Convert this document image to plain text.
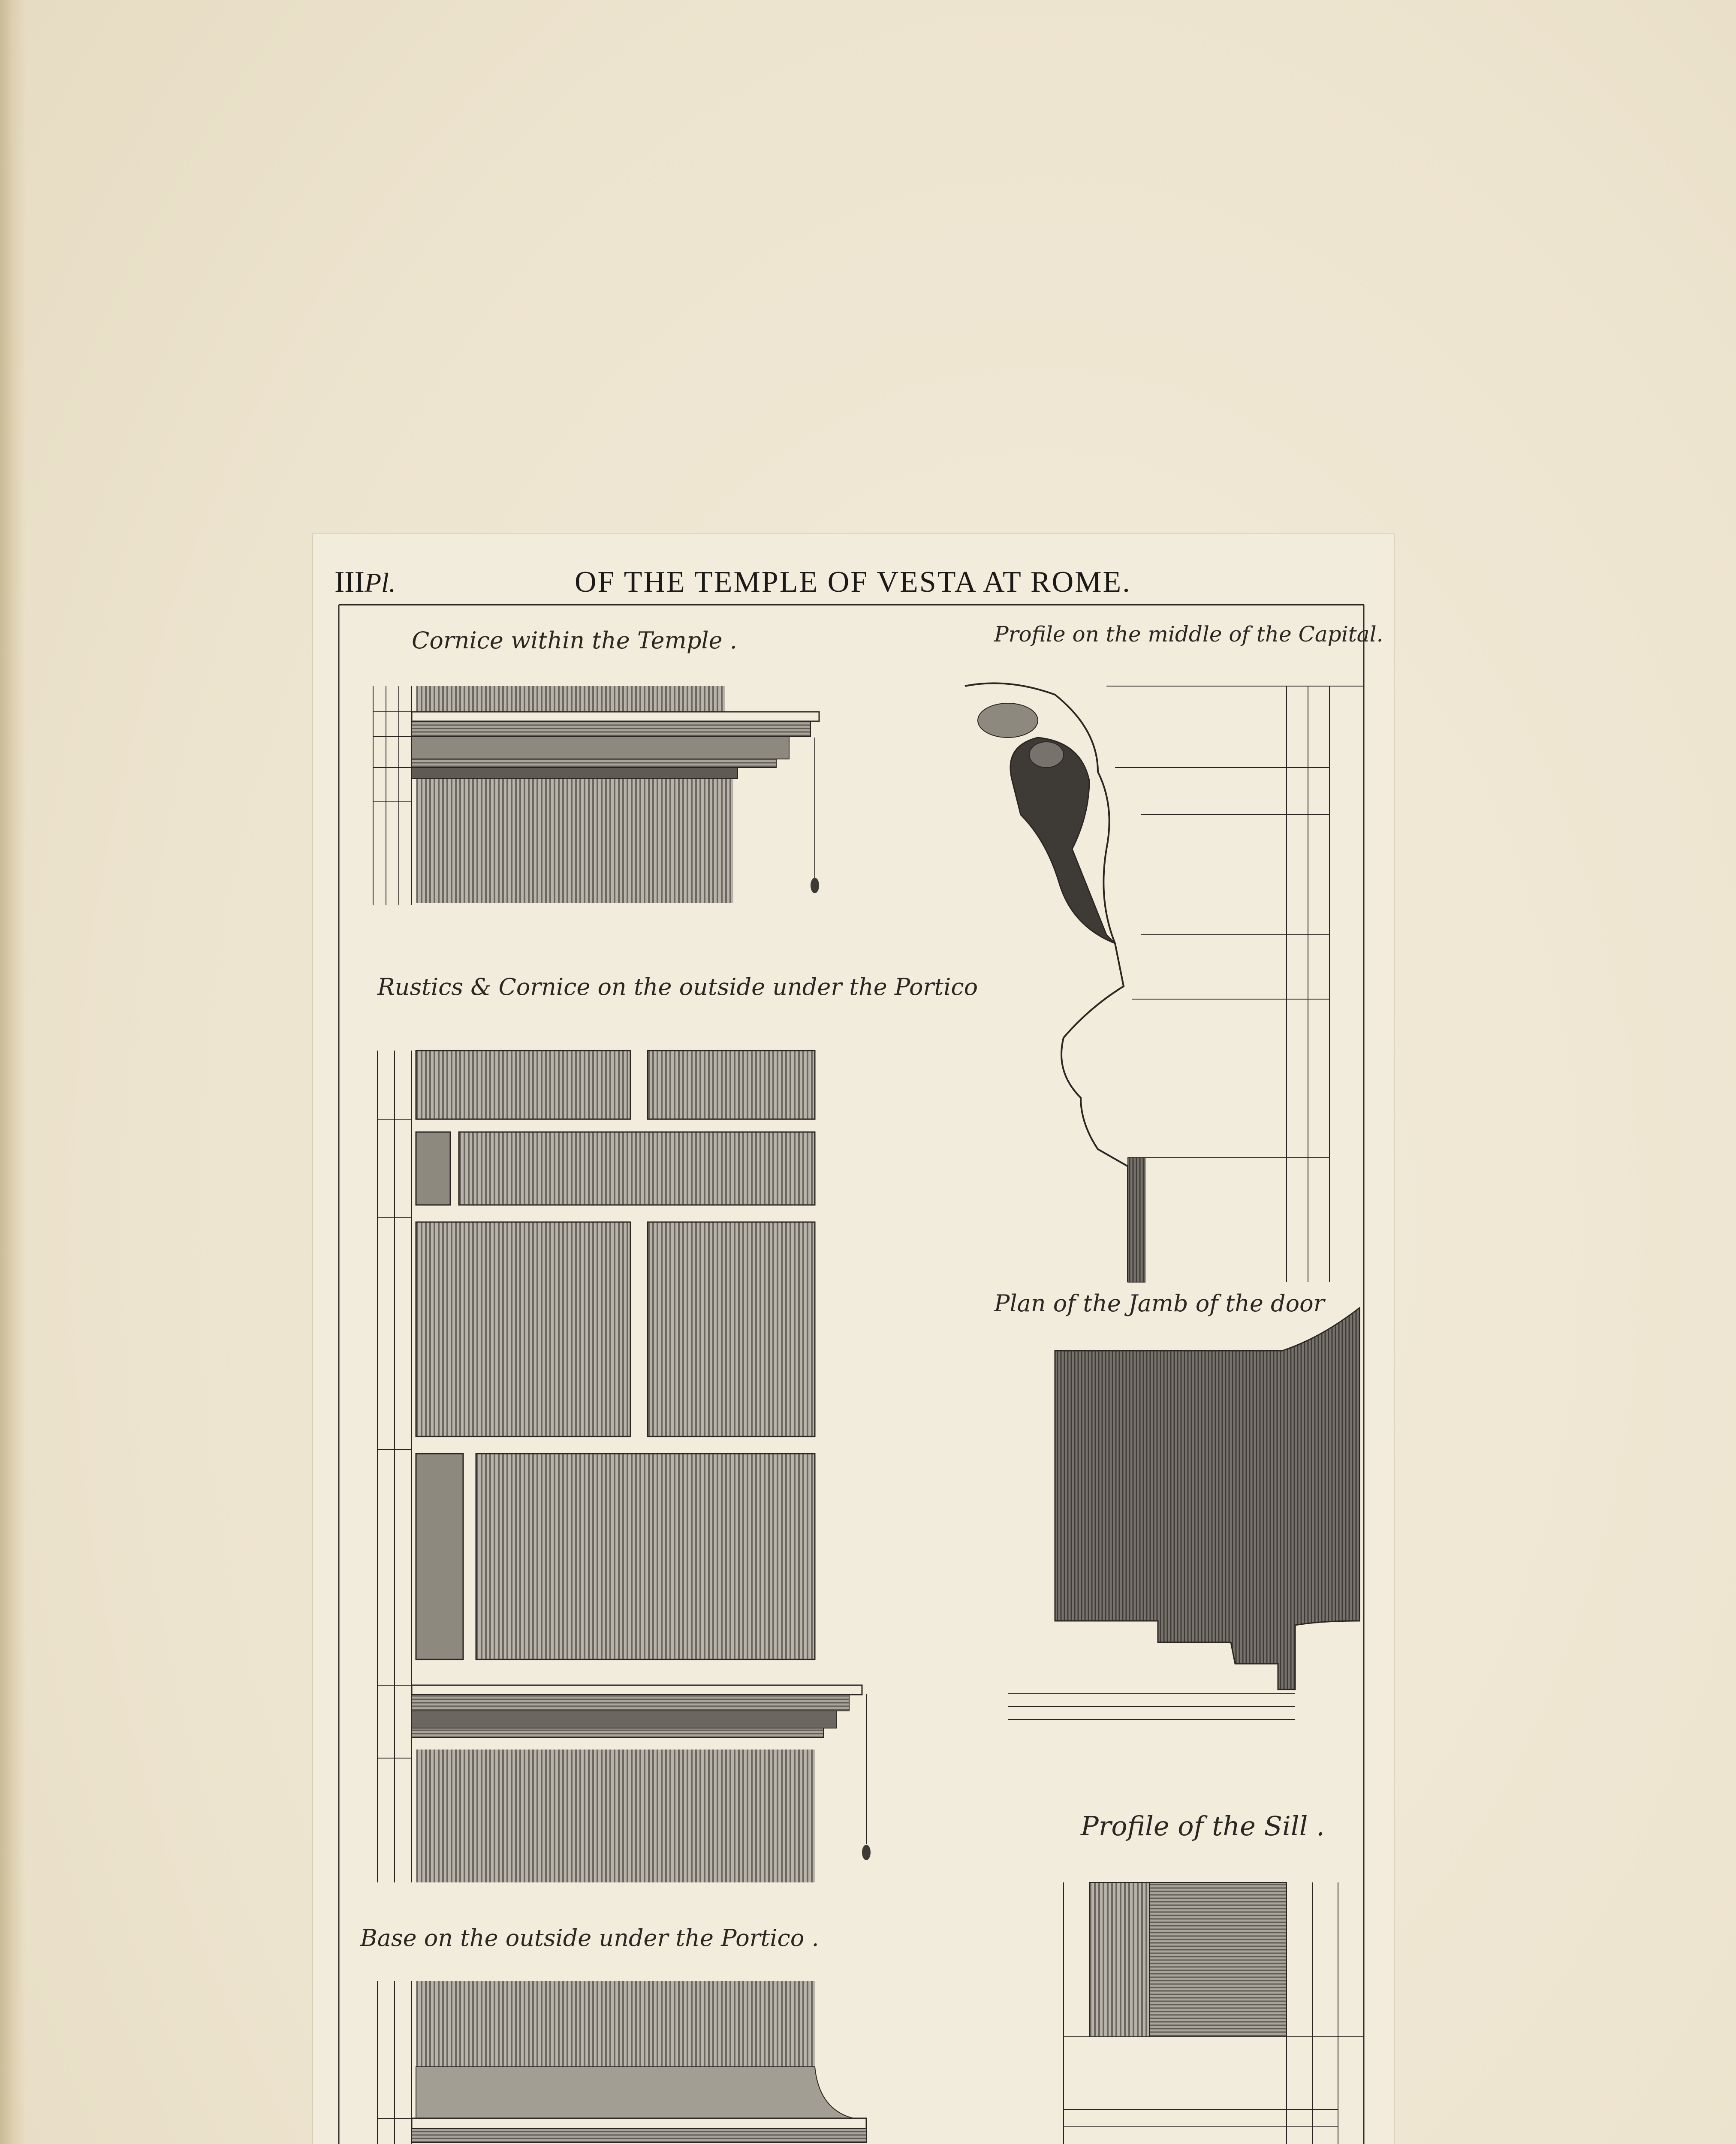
IIIPl.	OF THE TEMPLE OF VESTA AT ROME.
Cornice within the Temple .	Profile on the middle of the Capital.
Rustics & Cornice on the outside under the Portico
Plan of the Jamb of the door
Profile of the Sill .
Base on the outside under the Portico .
